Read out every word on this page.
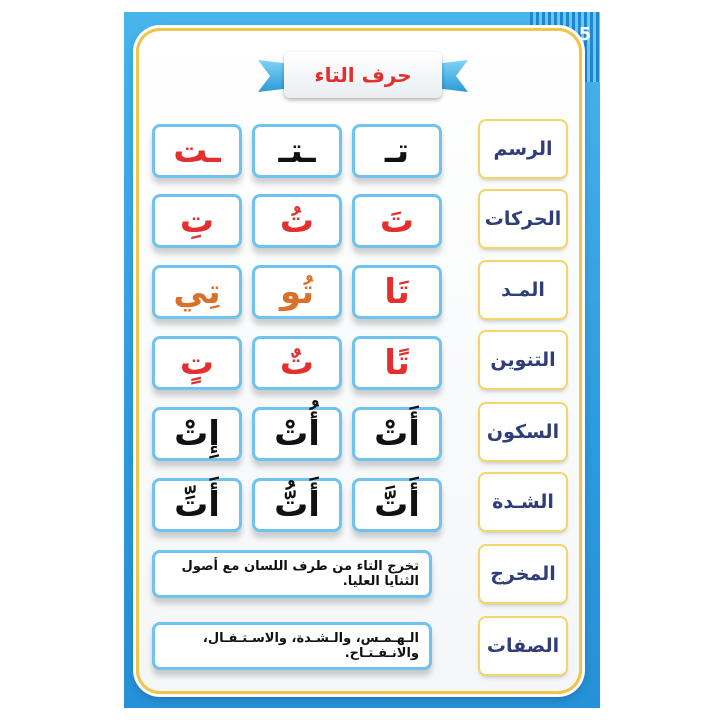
5
حرف التاء
الرسم
الحركات
المـد
التنوين
السكون
الشـدة
المخرج
الصفات
تـ
ـتـ
ـت
تَ
تُ
تِ
تَا
تُو
تِي
تًا
تٌ
تٍ
أَتْ
أُتْ
إِتْ
أَتَّ
أَتُّ
أَتِّ
تخرج التاء من طرف اللسان مع أصول الثنايا العليا.
الـهـمـس، والـشـدة، والاسـتـفـال، والانـفـتـاح.
